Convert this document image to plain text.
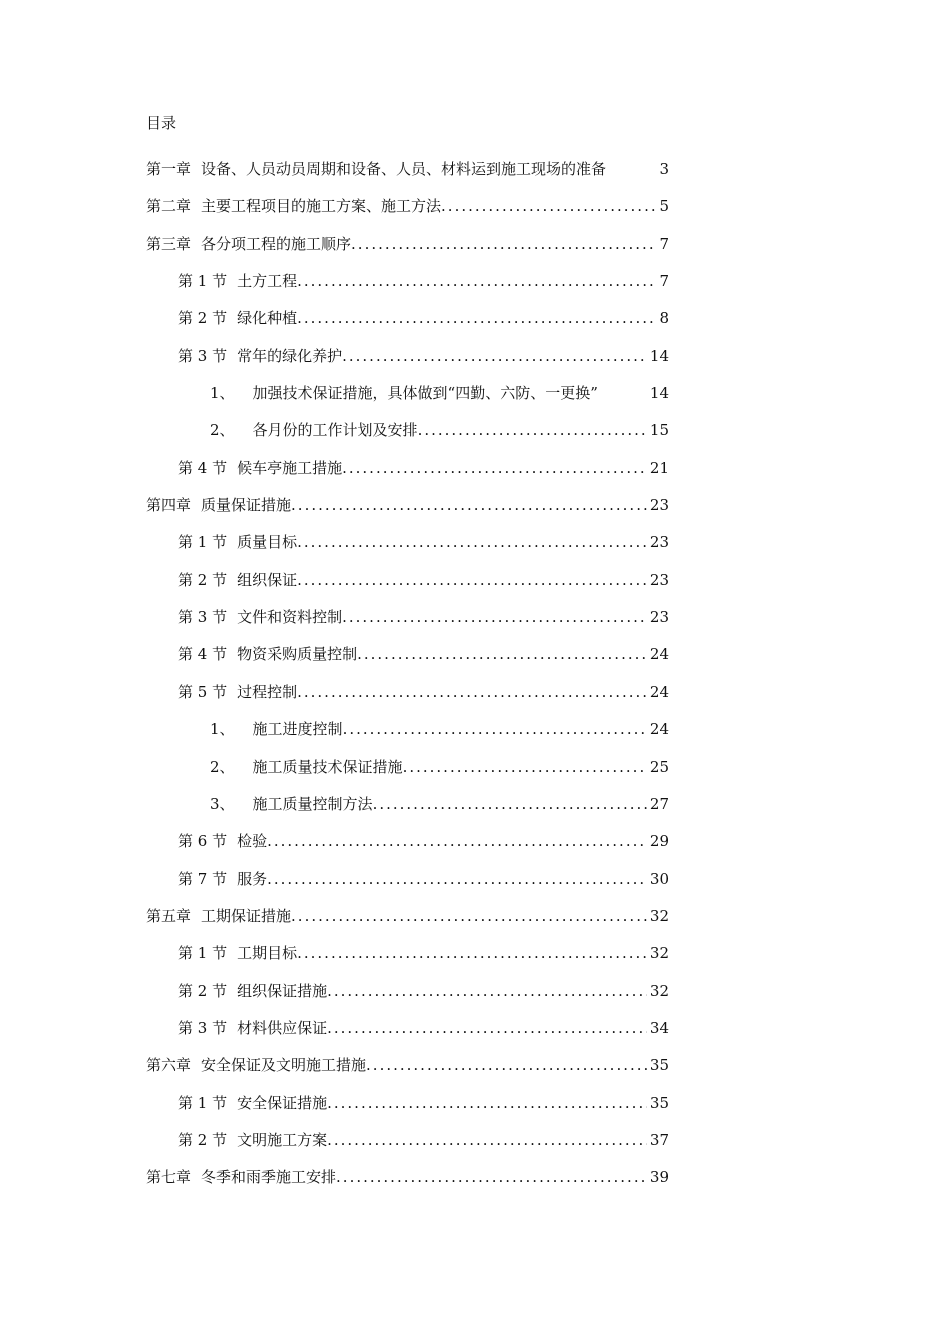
目录
第一章 设备、人员动员周期和设备、人员、材料运到施工现场的准备	3
第二章 主要工程项目的施工方案、施工方法 .....	5
第三章 各分项工程的施工顺序 .....	7
第 1 节 土方工程 .....	7
第 2 节 绿化种植 .....	8
第 3 节 常年的绿化养护 .....	14
1、 加强技术保证措施，具体做到“四勤、六防、一更换”	14
2、 各月份的工作计划及安排 .....	15
第 4 节 候车亭施工措施 .....	21
第四章 质量保证措施 .....	23
第 1 节 质量目标 .....	23
第 2 节 组织保证 .....	23
第 3 节 文件和资料控制 .....	23
第 4 节 物资采购质量控制 .....	24
第 5 节 过程控制 .....	24
1、 施工进度控制 .....	24
2、 施工质量技术保证措施 .....	25
3、 施工质量控制方法 .....	27
第 6 节 检验 .....	29
第 7 节 服务 .....	30
第五章 工期保证措施 .....	32
第 1 节 工期目标 .....	32
第 2 节 组织保证措施 .....	32
第 3 节 材料供应保证 .....	34
第六章 安全保证及文明施工措施 .....	35
第 1 节 安全保证措施 .....	35
第 2 节 文明施工方案 .....	37
第七章 冬季和雨季施工安排 .....	39
